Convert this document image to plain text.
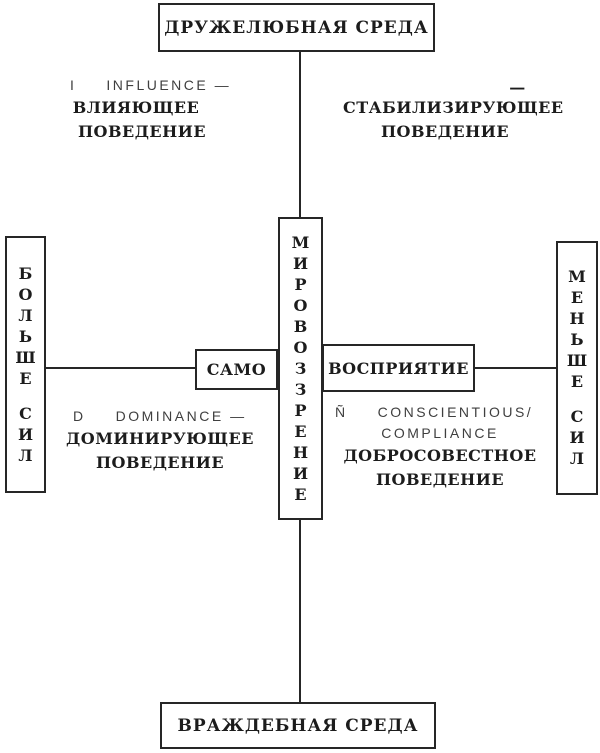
ДРУЖЕЛЮБНАЯ СРЕДА
ВРАЖДЕБНАЯ СРЕДА
Б
О
Л
Ь
Ш
Е
С
И
Л
М
Е
Н
Ь
Ш
Е
С
И
Л
М
И
Р
О
В
О
З
З
Р
Е
Н
И
Е
САМО	ВОСПРИЯТИЕ
I INFLUENCE —
ВЛИЯЮЩЕЕ
ПОВЕДЕНИЕ
—
СТАБИЛИЗИРУЮЩЕЕ
ПОВЕДЕНИЕ
D DOMINANCE —
ДОМИНИРУЮЩЕЕ
ПОВЕДЕНИЕ
Ñ CONSCIENTIOUS/
COMPLIANCE
ДОБРОСОВЕСТНОЕ
ПОВЕДЕНИЕ
